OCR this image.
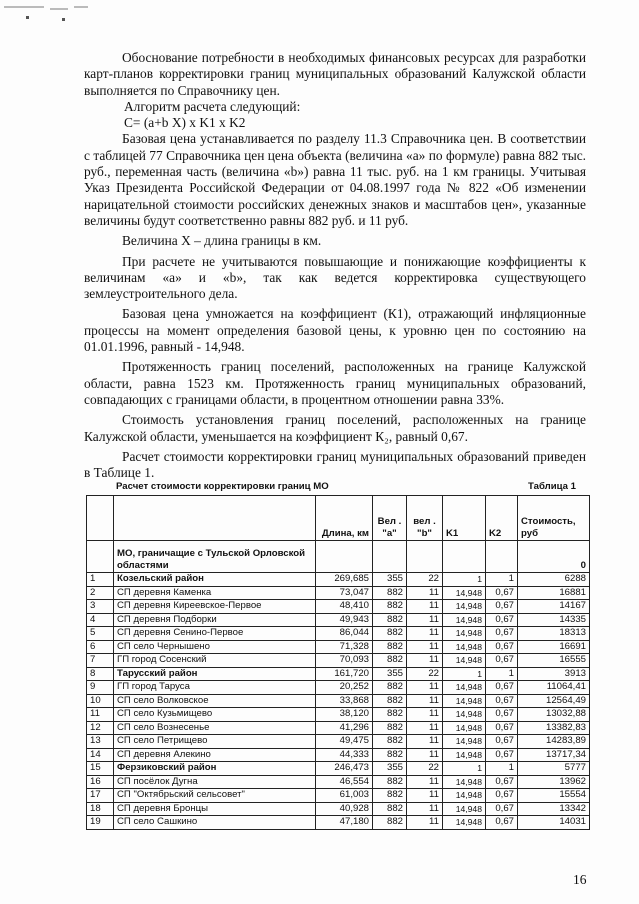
Обоснование потребности в необходимых финансовых ресурсах для разработки карт-планов корректировки границ муниципальных образований Калужской области выполняется по Справочнику цен.

Алгоритм расчета следующий:

С= (a+b X) x K1 x K2

Базовая цена устанавливается по разделу 11.3 Справочника цен. В соответствии с таблицей 77 Справочника цен цена объекта (величина «а» по формуле) равна 882 тыс. руб., переменная часть (величина «b») равна 11 тыс. руб. на 1 км границы. Учитывая Указ Президента Российской Федерации от 04.08.1997 года № 822 «Об изменении нарицательной стоимости российских денежных знаков и масштабов цен», указанные величины будут соответственно равны 882 руб. и 11 руб.

Величина Х – длина границы в км.

При расчете не учитываются повышающие и понижающие коэффициенты к величинам «а» и «b», так как ведется корректировка существующего землеустроительного дела.

Базовая цена умножается на коэффициент (К1), отражающий инфляционные процессы на момент определения базовой цены, к уровню цен по состоянию на 01.01.1996, равный - 14,948.

Протяженность границ поселений, расположенных на границе Калужской области, равна 1523 км. Протяженность границ муниципальных образований, совпадающих с границами области, в процентном отношении равна 33%.

Стоимость установления границ поселений, расположенных на границе Калужской области, уменьшается на коэффициент К₂, равный 0,67.

Расчет стоимости корректировки границ муниципальных образований приведен в Таблице 1.

Расчет стоимости корректировки границ МО	Таблица 1
		Длина, км	Вел . "a"	вел . "b"	K1	K2	Стоимость, руб
	МО, граничащие с Тульской Орловской областями						0
1	Козельский район	269,685	355	22	1	1	6288
2	СП деревня Каменка	73,047	882	11	14,948	0,67	16881
3	СП деревня Киреевское-Первое	48,410	882	11	14,948	0,67	14167
4	СП деревня Подборки	49,943	882	11	14,948	0,67	14335
5	СП деревня Сенино-Первое	86,044	882	11	14,948	0,67	18313
6	СП село Чернышено	71,328	882	11	14,948	0,67	16691
7	ГП город Сосенский	70,093	882	11	14,948	0,67	16555
8	Тарусский район	161,720	355	22	1	1	3913
9	ГП город Таруса	20,252	882	11	14,948	0,67	11064,41
10	СП село Волковское	33,868	882	11	14,948	0,67	12564,49
11	СП село Кузьмищево	38,120	882	11	14,948	0,67	13032,88
12	СП село Вознесенье	41,296	882	11	14,948	0,67	13382,83
13	СП село Петрищево	49,475	882	11	14,948	0,67	14283,89
14	СП деревня Алекино	44,333	882	11	14,948	0,67	13717,34
15	Ферзиковский район	246,473	355	22	1	1	5777
16	СП посёлок Дугна	46,554	882	11	14,948	0,67	13962
17	СП "Октябрьский сельсовет"	61,003	882	11	14,948	0,67	15554
18	СП деревня Бронцы	40,928	882	11	14,948	0,67	13342
19	СП село Сашкино	47,180	882	11	14,948	0,67	14031
16
